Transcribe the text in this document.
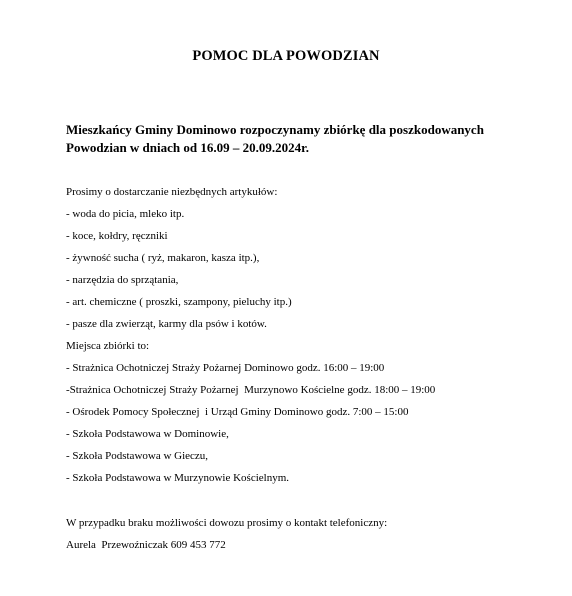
POMOC DLA POWODZIAN
Mieszkańcy Gminy Dominowo rozpoczynamy zbiórkę dla poszkodowanych
Powodzian w dniach od 16.09 – 20.09.2024r.
Prosimy o dostarczanie niezbędnych artykułów:
- woda do picia, mleko itp.
- koce, kołdry, ręczniki
- żywność sucha ( ryż, makaron, kasza itp.),
- narzędzia do sprzątania,
- art. chemiczne ( proszki, szampony, pieluchy itp.)
- pasze dla zwierząt, karmy dla psów i kotów.
Miejsca zbiórki to:
- Strażnica Ochotniczej Straży Pożarnej Dominowo godz. 16:00 – 19:00
-Strażnica Ochotniczej Straży Pożarnej  Murzynowo Kościelne godz. 18:00 – 19:00
- Ośrodek Pomocy Społecznej  i Urząd Gminy Dominowo godz. 7:00 – 15:00
- Szkoła Podstawowa w Dominowie,
- Szkoła Podstawowa w Gieczu,
- Szkoła Podstawowa w Murzynowie Kościelnym.
W przypadku braku możliwości dowozu prosimy o kontakt telefoniczny:
Aurela  Przewoźniczak 609 453 772
